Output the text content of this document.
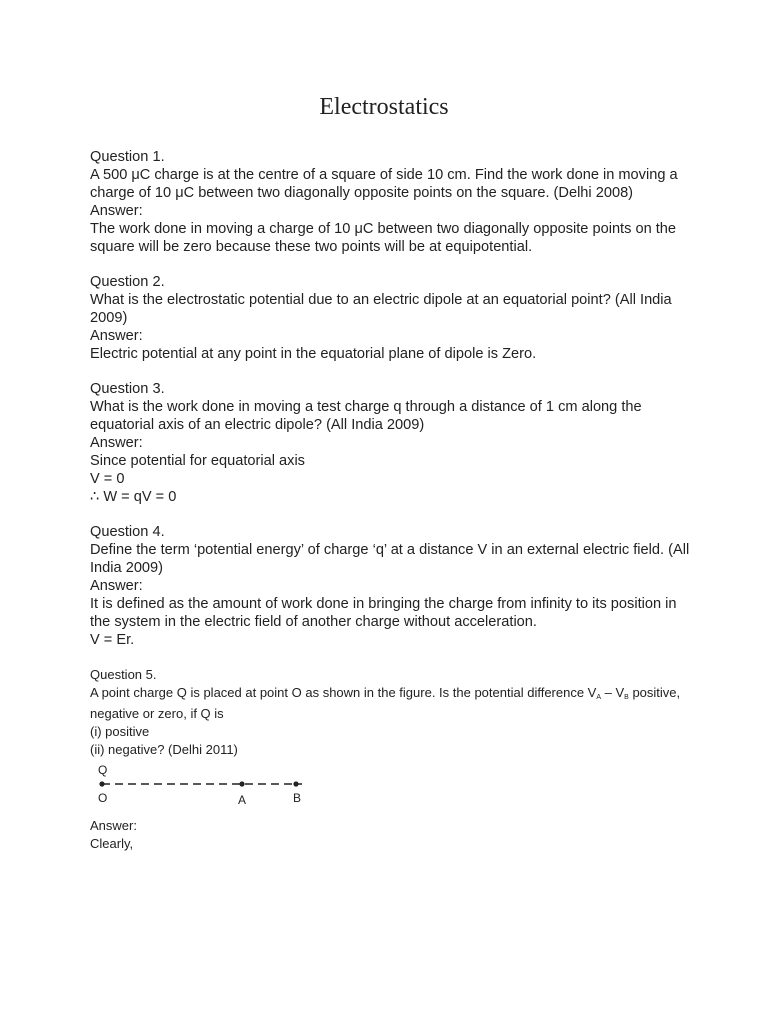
Electrostatics

Question 1.

A 500 μC charge is at the centre of a square of side 10 cm. Find the work done in moving a charge of 10 μC between two diagonally opposite points on the square. (Delhi 2008)

Answer:

The work done in moving a charge of 10 μC between two diagonally opposite points on the square will be zero because these two points will be at equipotential.

Question 2.

What is the electrostatic potential due to an electric dipole at an equatorial point? (All India 2009)

Answer:

Electric potential at any point in the equatorial plane of dipole is Zero.

Question 3.

What is the work done in moving a test charge q through a distance of 1 cm along the equatorial axis of an electric dipole? (All India 2009)

Answer:

Since potential for equatorial axis

V = 0

∴ W = qV = 0

Question 4.

Define the term ‘potential energy’ of charge ‘q’ at a distance V in an external electric field. (All India 2009)

Answer:

It is defined as the amount of work done in bringing the charge from infinity to its position in the system in the electric field of another charge without acceleration.

V = Er.

Question 5.

A point charge Q is placed at point O as shown in the figure. Is the potential difference $V_A - V_B$ positive, negative or zero, if Q is

(i) positive

(ii) negative? (Delhi 2011)

Q
O	A	B

Answer:

Clearly,
